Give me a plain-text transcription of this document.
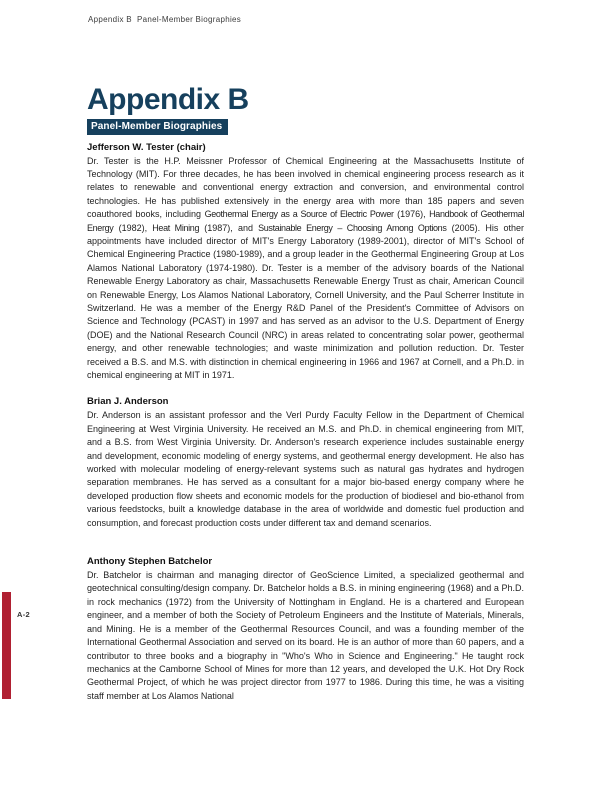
Appendix B  Panel-Member Biographies
Appendix B
Panel-Member Biographies
Jefferson W. Tester (chair)

Dr. Tester is the H.P. Meissner Professor of Chemical Engineering at the Massachusetts Institute of Technology (MIT). For three decades, he has been involved in chemical engineering process research as it relates to renewable and conventional energy extraction and conversion, and environmental control technologies. He has published extensively in the energy area with more than 185 papers and seven coauthored books, including Geothermal Energy as a Source of Electric Power (1976), Handbook of Geothermal Energy (1982), Heat Mining (1987), and Sustainable Energy – Choosing Among Options (2005). His other appointments have included director of MIT's Energy Laboratory (1989-2001), director of MIT's School of Chemical Engineering Practice (1980-1989), and a group leader in the Geothermal Engineering Group at Los Alamos National Laboratory (1974-1980). Dr. Tester is a member of the advisory boards of the National Renewable Energy Laboratory as chair, Massachusetts Renewable Energy Trust as chair, American Council on Renewable Energy, Los Alamos National Laboratory, Cornell University, and the Paul Scherrer Institute in Switzerland. He was a member of the Energy R&D Panel of the President's Committee of Advisors on Science and Technology (PCAST) in 1997 and has served as an advisor to the U.S. Department of Energy (DOE) and the National Research Council (NRC) in areas related to concentrating solar power, geothermal energy, and other renewable technologies; and waste minimization and pollution reduction. Dr. Tester received a B.S. and M.S. with distinction in chemical engineering in 1966 and 1967 at Cornell, and a Ph.D. in chemical engineering at MIT in 1971.

Brian J. Anderson

Dr. Anderson is an assistant professor and the Verl Purdy Faculty Fellow in the Department of Chemical Engineering at West Virginia University. He received an M.S. and Ph.D. in chemical engineering from MIT, and a B.S. from West Virginia University. Dr. Anderson's research experience includes sustainable energy and development, economic modeling of energy systems, and geothermal energy development. He also has worked with molecular modeling of energy-relevant systems such as natural gas hydrates and hydrogen separation membranes. He has served as a consultant for a major bio-based energy company where he developed production flow sheets and economic models for the production of biodiesel and bio-ethanol from various feedstocks, built a knowledge database in the area of worldwide and domestic fuel production and consumption, and forecast production costs under different tax and demand scenarios.

Anthony Stephen Batchelor

Dr. Batchelor is chairman and managing director of GeoScience Limited, a specialized geothermal and geotechnical consulting/design company. Dr. Batchelor holds a B.S. in mining engineering (1968) and a Ph.D. in rock mechanics (1972) from the University of Nottingham in England. He is a chartered and European engineer, and a member of both the Society of Petroleum Engineers and the Institute of Materials, Minerals, and Mining. He is a member of the Geothermal Resources Council, and was a founding member of the International Geothermal Association and served on its board. He is an author of more than 60 papers, and a contributor to three books and a biography in "Who's Who in Science and Engineering." He taught rock mechanics at the Camborne School of Mines for more than 12 years, and developed the U.K. Hot Dry Rock Geothermal Project, of which he was project director from 1977 to 1986. During this time, he was a visiting staff member at Los Alamos National

A-2
